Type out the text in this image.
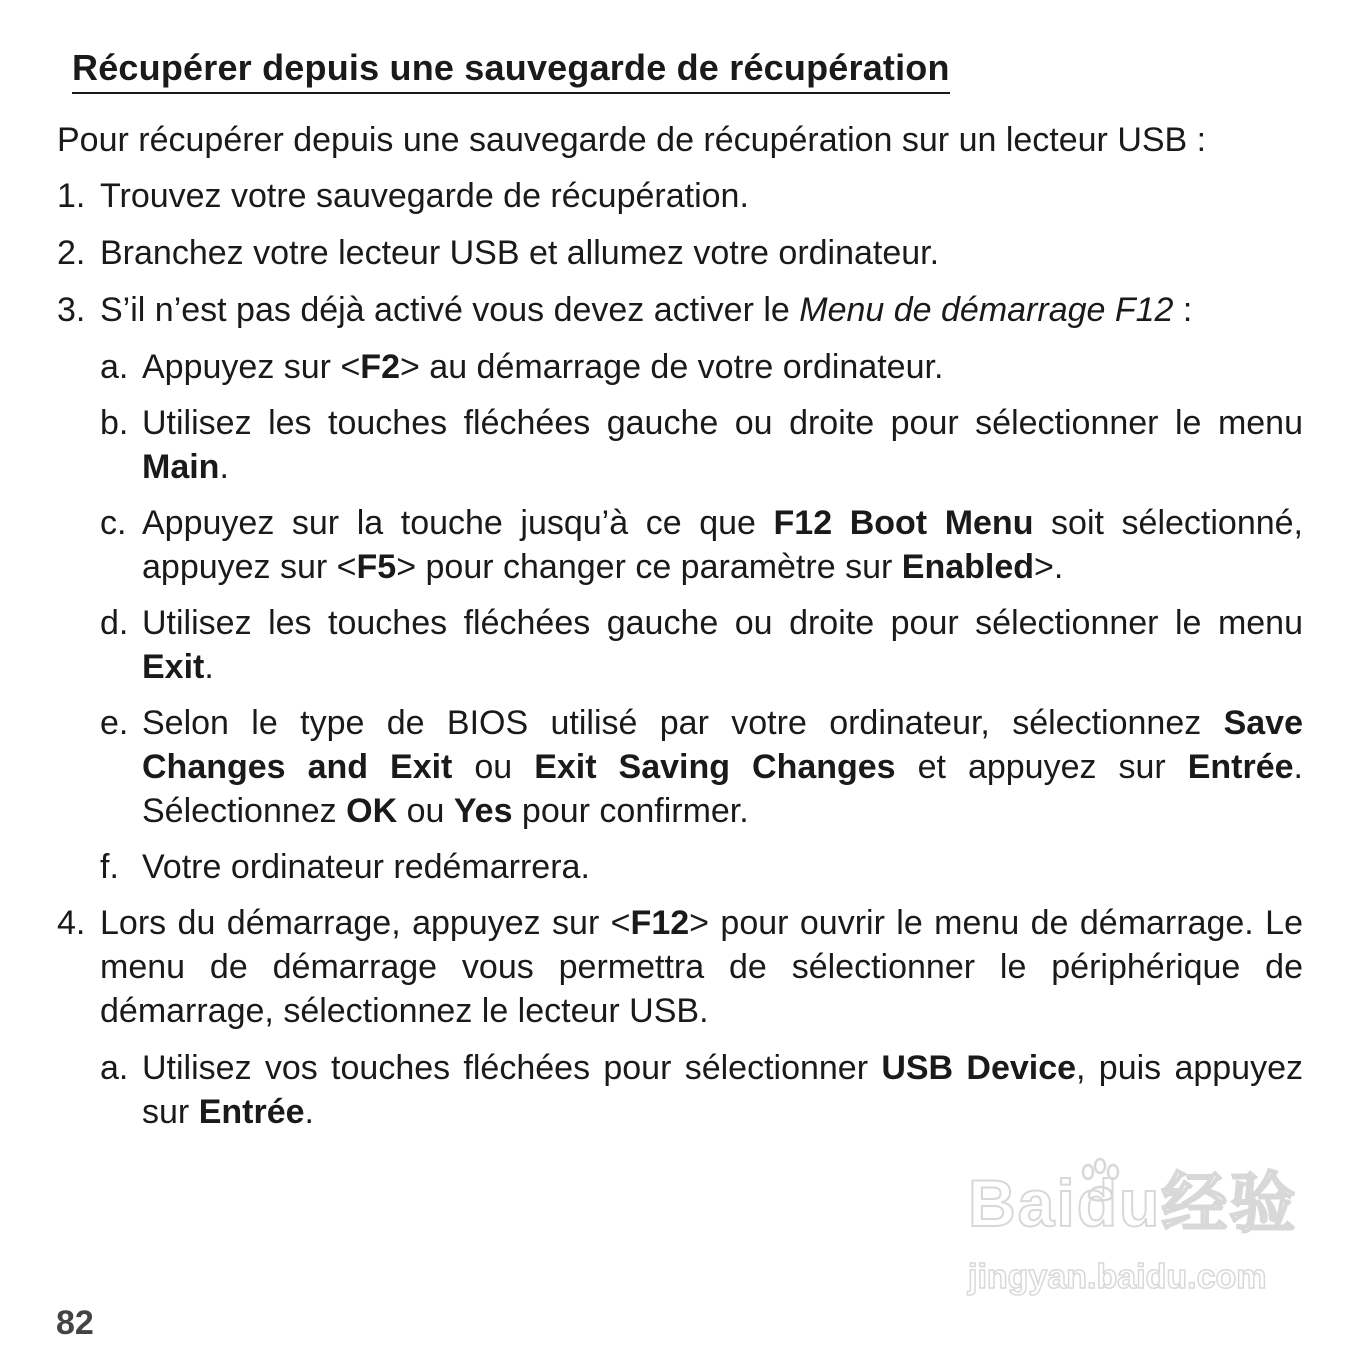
Récupérer depuis une sauvegarde de récupération

Pour récupérer depuis une sauvegarde de récupération sur un lecteur USB :

1. Trouvez votre sauvegarde de récupération.
2. Branchez votre lecteur USB et allumez votre ordinateur.
3. S’il n’est pas déjà activé vous devez activer le Menu de démarrage F12 :
a. Appuyez sur <F2> au démarrage de votre ordinateur.
b. Utilisez les touches fléchées gauche ou droite pour sélectionner le menu Main.
c. Appuyez sur la touche jusqu’à ce que F12 Boot Menu soit sélectionné, appuyez sur <F5> pour changer ce paramètre sur Enabled>.
d. Utilisez les touches fléchées gauche ou droite pour sélectionner le menu Exit.
e. Selon le type de BIOS utilisé par votre ordinateur, sélectionnez Save Changes and Exit ou Exit Saving Changes et appuyez sur Entrée. Sélectionnez OK ou Yes pour confirmer.
f. Votre ordinateur redémarrera.
4. Lors du démarrage, appuyez sur <F12> pour ouvrir le menu de démarrage. Le menu de démarrage vous permettra de sélectionner le périphérique de démarrage, sélectionnez le lecteur USB.
a. Utilisez vos touches fléchées pour sélectionner USB Device, puis appuyez sur Entrée.
Baidu经验
jingyan.baidu.com
82
